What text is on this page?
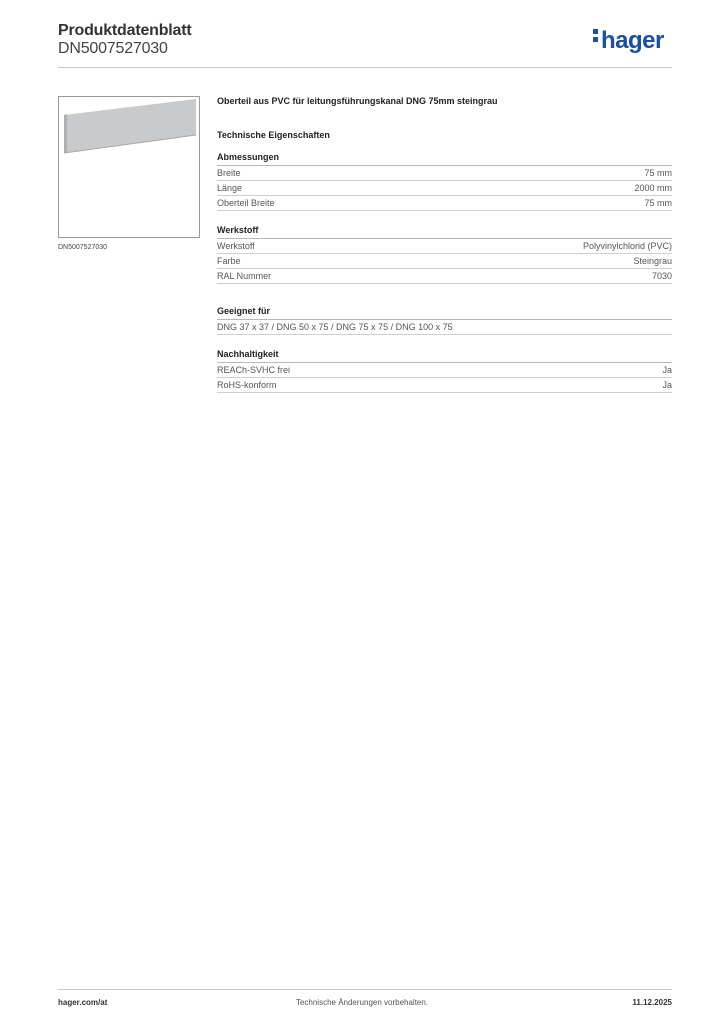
Produktdatenblatt
DN5007527030	hager
DN5007527030
Oberteil aus PVC für leitungsführungskanal DNG 75mm steingrau
Technische Eigenschaften
Abmessungen
Breite	75 mm
Länge	2000 mm
Oberteil Breite	75 mm
Werkstoff
Werkstoff	Polyvinylchlorid (PVC)
Farbe	Steingrau
RAL Nummer	7030
Geeignet für
DNG 37 x 37 / DNG 50 x 75 / DNG 75 x 75 / DNG 100 x 75
Nachhaltigkeit
REACh-SVHC frei	Ja
RoHS-konform	Ja
hager.com/at	Technische Änderungen vorbehalten.	11.12.2025
